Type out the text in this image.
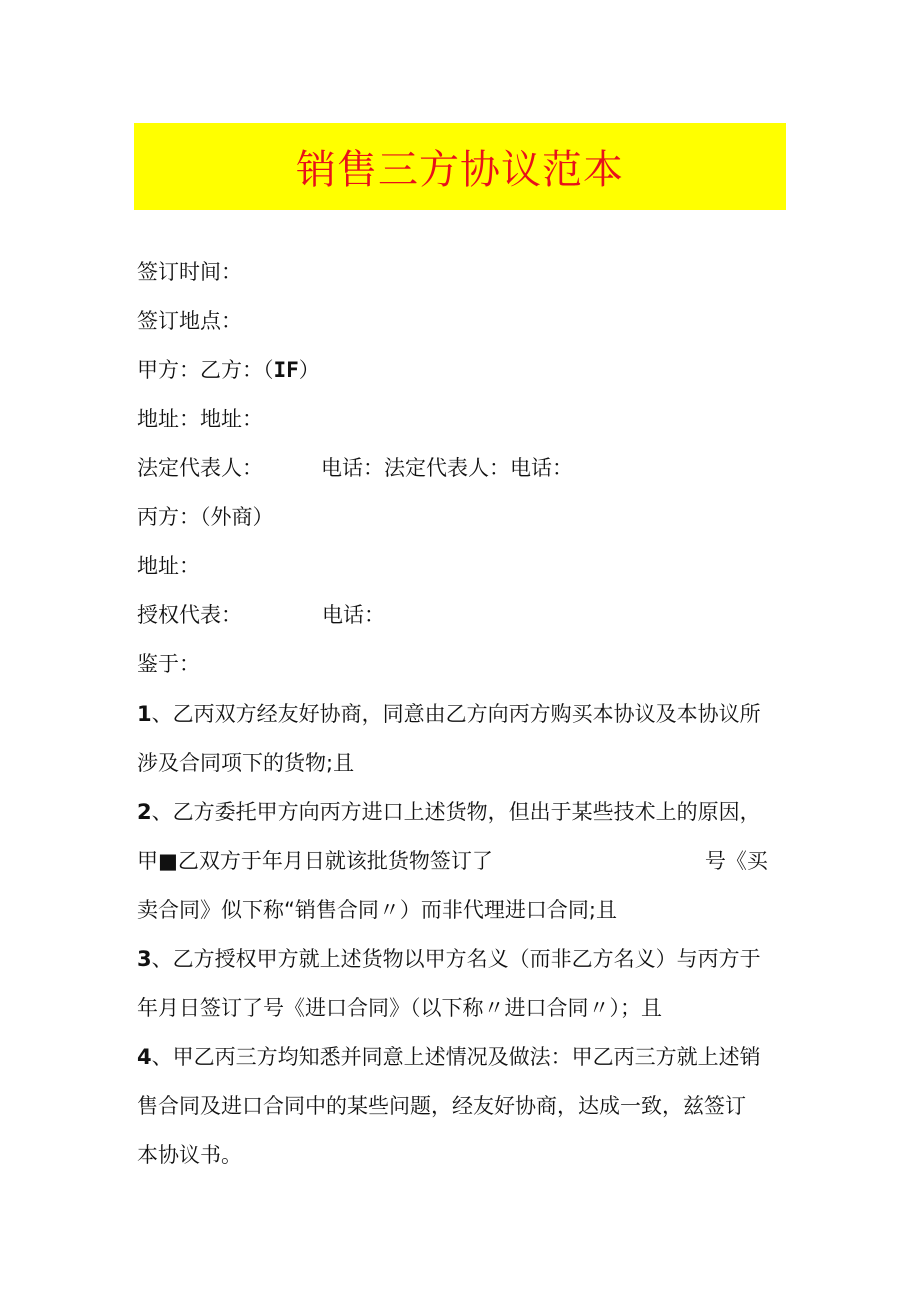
销售三方协议范本
签订时间：
签订地点：
甲方：乙方：（IF）
地址：地址：
法定代表人：	电话：法定代表人：电话：
丙方：（外商）
地址：
授权代表：	电话：
鉴于：
1、乙丙双方经友好协商，同意由乙方向丙方购买本协议及本协议所
涉及合同项下的货物;且
2、乙方委托甲方向丙方进口上述货物，但出于某些技术上的原因，
甲■乙双方于年月日就该批货物签订了	号《买
卖合同》似下称“销售合同〃）而非代理进口合同;且
3、乙方授权甲方就上述货物以甲方名义（而非乙方名义）与丙方于
年月日签订了号《进口合同》（以下称〃进口合同〃）；且
4、甲乙丙三方均知悉并同意上述情况及做法：甲乙丙三方就上述销
售合同及进口合同中的某些问题，经友好协商，达成一致，兹签订
本协议书。
